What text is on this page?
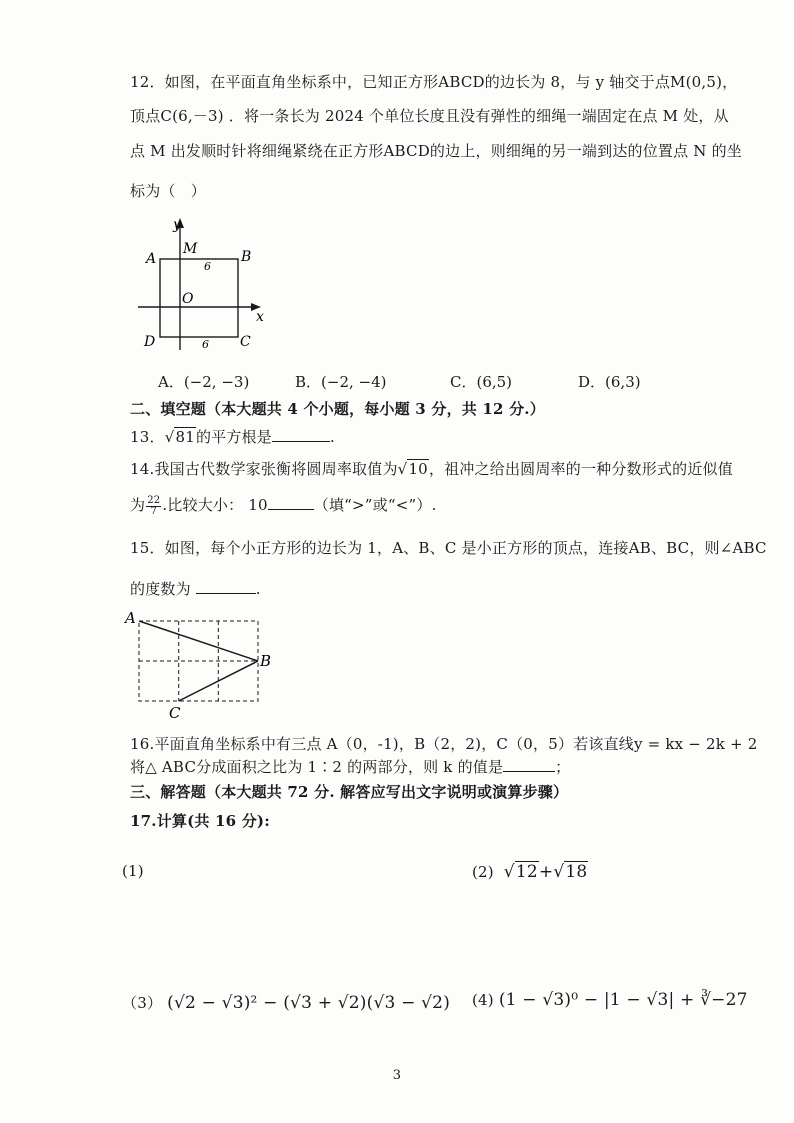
12．如图，在平面直角坐标系中，已知正方形ABCD的边长为 8，与 y 轴交于点M(0,5)，
顶点C(6,－3) ．将一条长为 2024 个单位长度且没有弹性的细绳一端固定在点 M 处，从
点 M 出发顺时针将细绳紧绕在正方形ABCD的边上，则细绳的另一端到达的位置点 N 的坐
标为（　）
y
x
A	B
C
D
M
O
6
6
A．(−2, −3)	B．(−2, −4)	C．(6,5)	D．(6,3)
二、填空题（本大题共 4 个小题，每小题 3 分，共 12 分.）
13．√81的平方根是	.
14.我国古代数学家张衡将圆周率取值为√10，祖冲之给出圆周率的一种分数形式的近似值
为 $\frac{22}{7}$ .比较大小： 10	（填“>”或“<”）.
15．如图，每个小正方形的边长为 1，A、B、C 是小正方形的顶点，连接AB、BC，则∠ABC
的度数为	.
A
B
C
16.平面直角坐标系中有三点 A（0，-1)，B（2，2)，C（0，5）若该直线y = kx − 2k + 2
将△ ABC分成面积之比为 1∶2 的两部分，则 k 的值是	；
三、解答题（本大题共 72 分. 解答应写出文字说明或演算步骤）
17.计算(共 16 分):
(1)	(2) √12+√18
（3） (√2 − √3)² − (√3 + √2)(√3 − √2) (4) (1 − √3)⁰ − |1 − √3| + ∛−27
3
